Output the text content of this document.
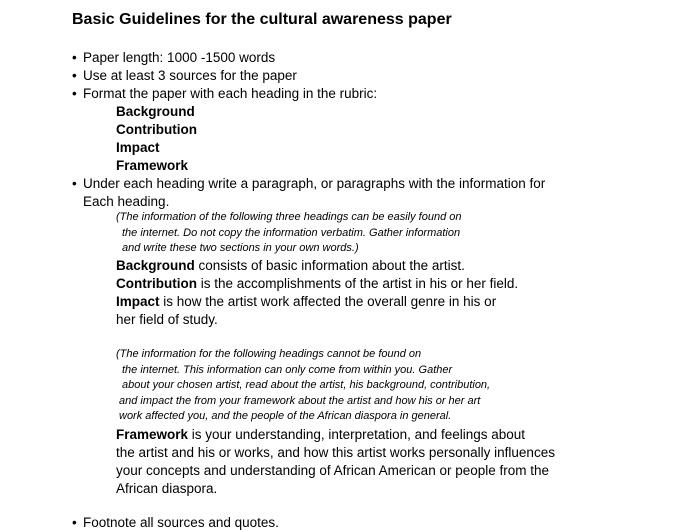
Basic Guidelines for the cultural awareness paper
• Paper length: 1000 -1500 words
• Use at least 3 sources for the paper
• Format the paper with each heading in the rubric:
Background
Contribution
Impact
Framework
• Under each heading write a paragraph, or paragraphs with the information for
Each heading.
(The information of the following three headings can be easily found on
the internet. Do not copy the information verbatim. Gather information
and write these two sections in your own words.)
Background consists of basic information about the artist.
Contribution is the accomplishments of the artist in his or her field.
Impact is how the artist work affected the overall genre in his or
her field of study.
(The information for the following headings cannot be found on
the internet. This information can only come from within you. Gather
about your chosen artist, read about the artist, his background, contribution,
and impact the from your framework about the artist and how his or her art
work affected you, and the people of the African diaspora in general.
Framework is your understanding, interpretation, and feelings about
the artist and his or works, and how this artist works personally influences
your concepts and understanding of African American or people from the
African diaspora.
• Footnote all sources and quotes.
